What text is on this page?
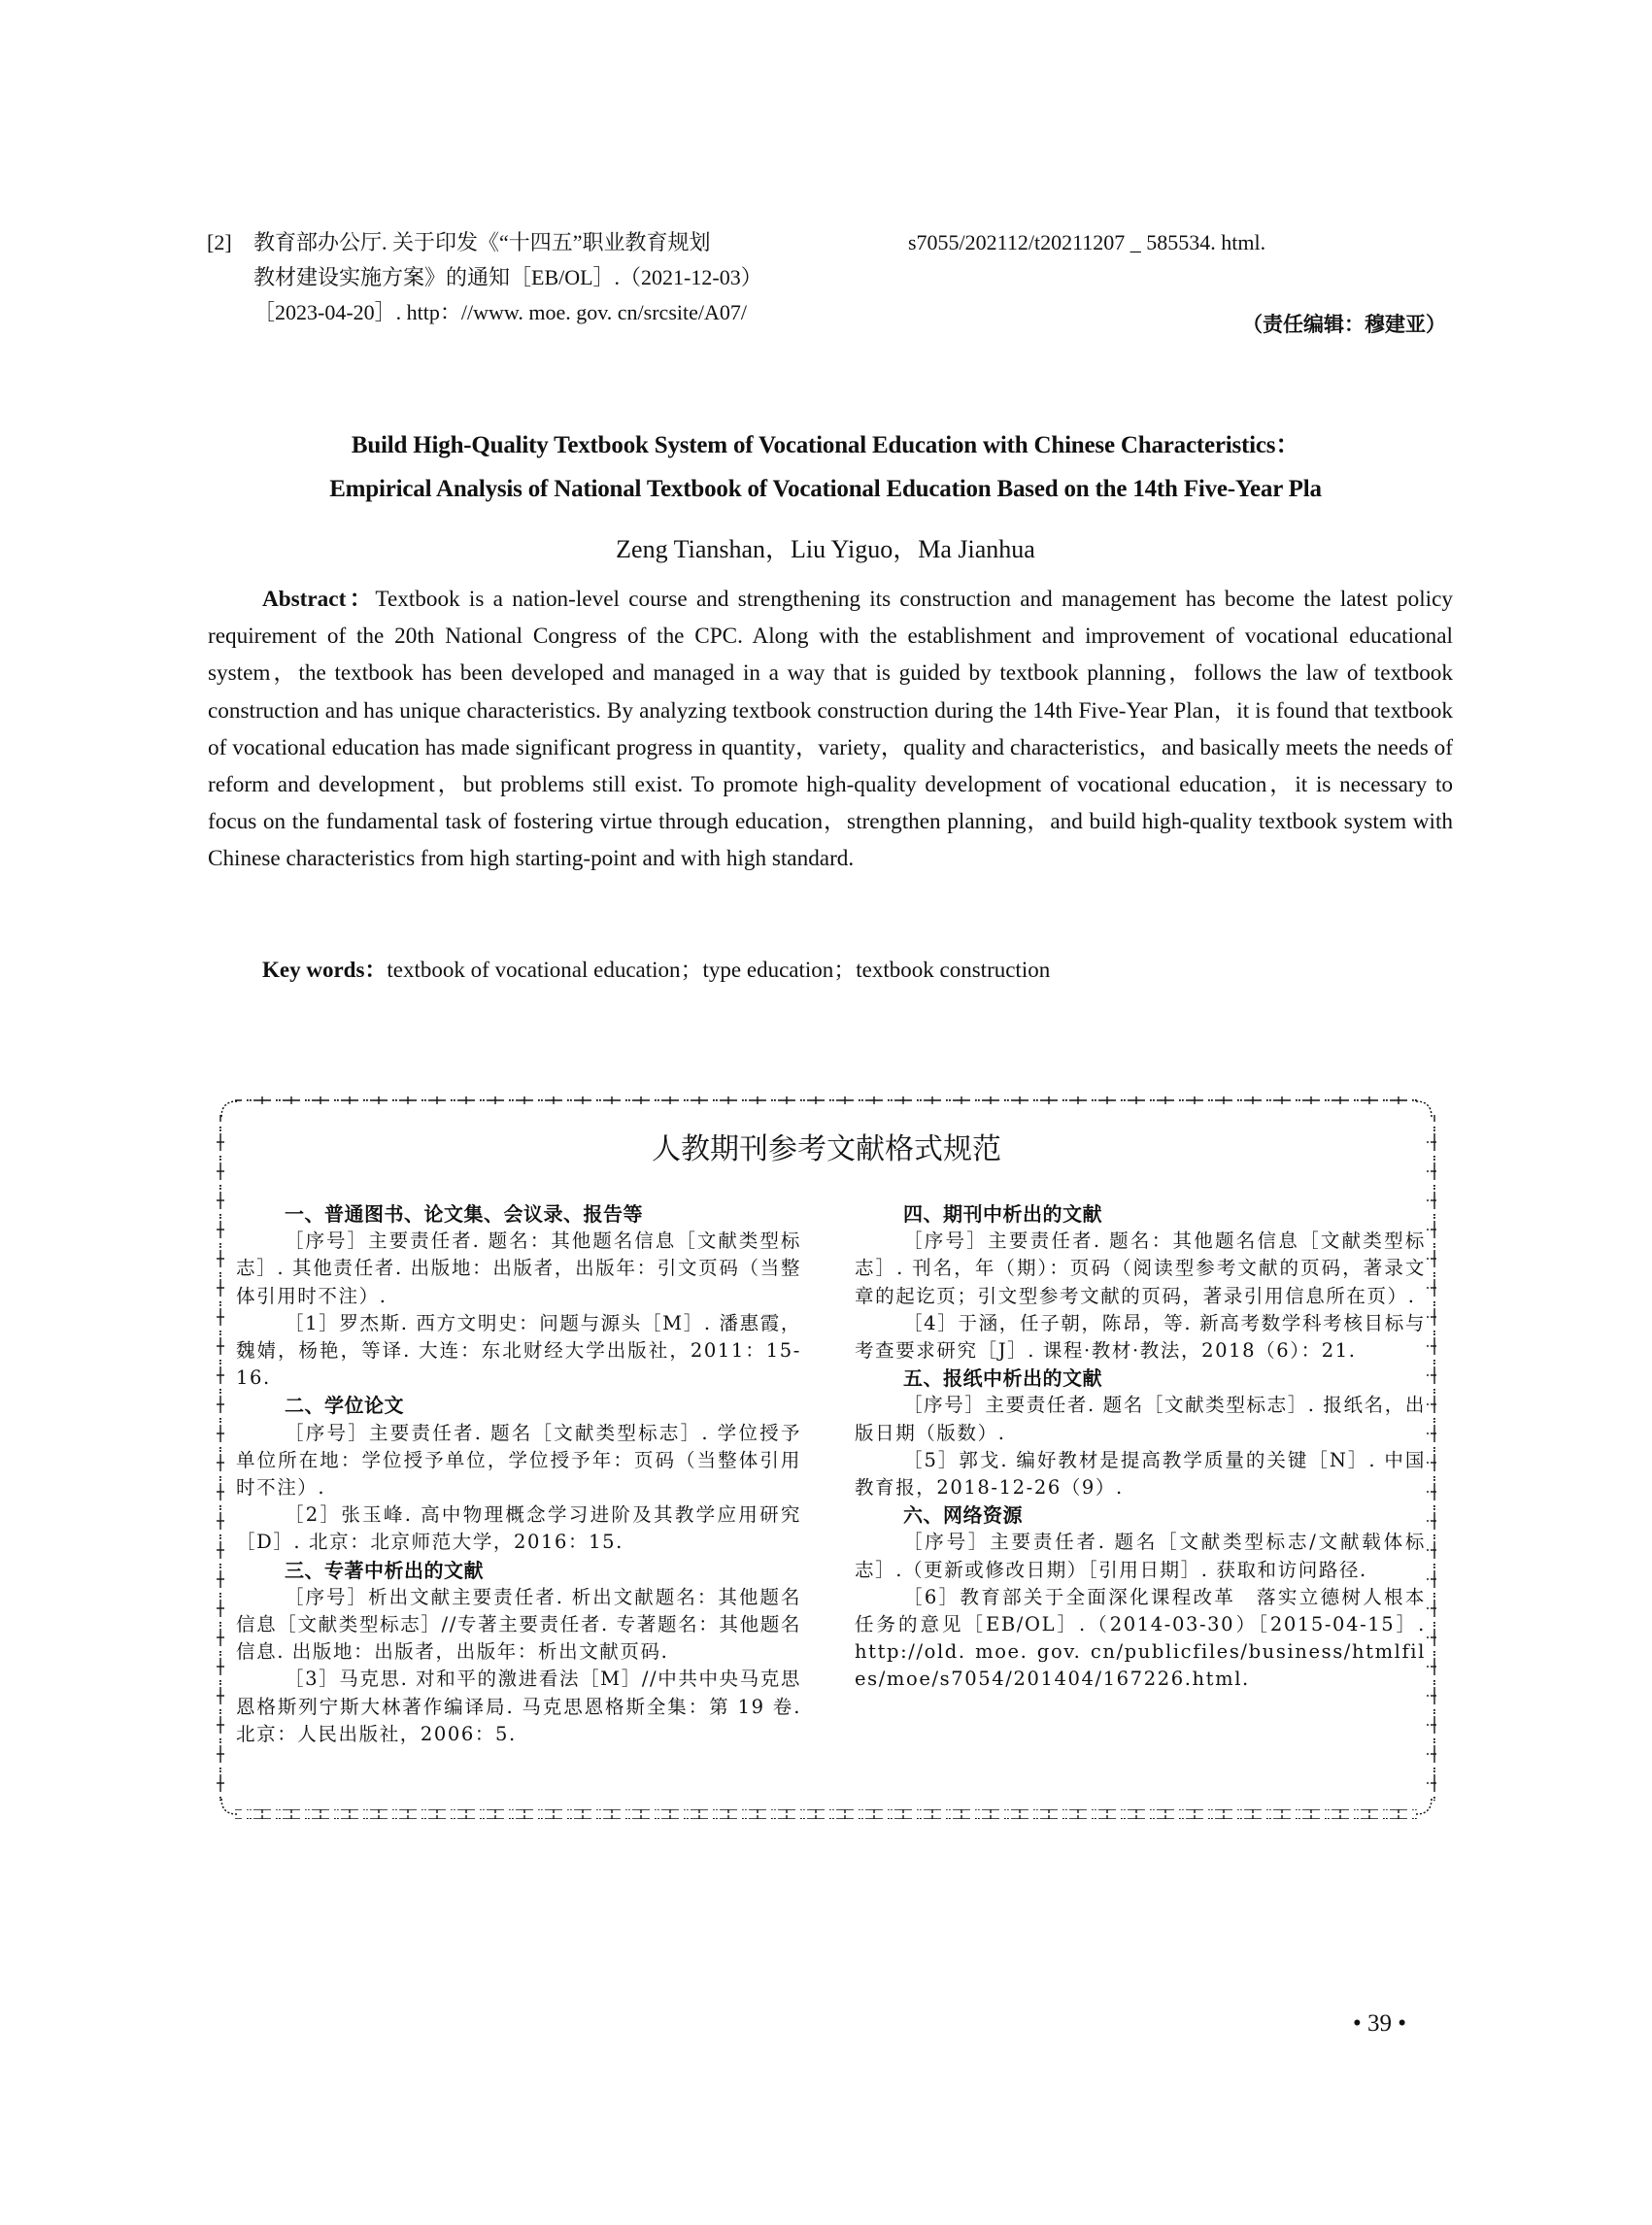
[2] 教育部办公厅. 关于印发《“十四五”职业教育规划
教材建设实施方案》的通知［EB/OL］.（2021-12-03）
［2023-04-20］. http：//www. moe. gov. cn/srcsite/A07/
s7055/202112/t20211207 _ 585534. html.
（责任编辑：穆建亚）
Build High-Quality Textbook System of Vocational Education with Chinese Characteristics：
Empirical Analysis of National Textbook of Vocational Education Based on the 14th Five-Year Pla
Zeng Tianshan，Liu Yiguo，Ma Jianhua
Abstract：Textbook is a nation-level course and strengthening its construction and management has become the latest policy requirement of the 20th National Congress of the CPC. Along with the establishment and improvement of vocational educational system，the textbook has been developed and managed in a way that is guided by textbook planning，follows the law of textbook construction and has unique characteristics. By analyzing textbook construction during the 14th Five-Year Plan，it is found that textbook of vocational education has made significant progress in quantity，variety，quality and characteristics，and basically meets the needs of reform and development，but problems still exist. To promote high-quality development of vocational education，it is necessary to focus on the fundamental task of fostering virtue through education，strengthen planning，and build high-quality textbook system with Chinese characteristics from high starting-point and with high standard.
Key words：textbook of vocational education；type education；textbook construction
人教期刊参考文献格式规范
一、普通图书、论文集、会议录、报告等

［序号］主要责任者. 题名：其他题名信息［文献类型标志］. 其他责任者. 出版地：出版者，出版年：引文页码（当整体引用时不注）.

［1］罗杰斯. 西方文明史：问题与源头［M］. 潘惠霞，魏婧，杨艳，等译. 大连：东北财经大学出版社，2011：15-16.

二、学位论文

［序号］主要责任者. 题名［文献类型标志］. 学位授予单位所在地：学位授予单位，学位授予年：页码（当整体引用时不注）.

［2］张玉峰. 高中物理概念学习进阶及其教学应用研究［D］. 北京：北京师范大学，2016：15.

三、专著中析出的文献

［序号］析出文献主要责任者. 析出文献题名：其他题名信息［文献类型标志］//专著主要责任者. 专著题名：其他题名信息. 出版地：出版者，出版年：析出文献页码.

［3］马克思. 对和平的激进看法［M］//中共中央马克思恩格斯列宁斯大林著作编译局. 马克思恩格斯全集：第 19 卷. 北京：人民出版社，2006：5.

四、期刊中析出的文献

［序号］主要责任者. 题名：其他题名信息［文献类型标志］. 刊名，年（期）：页码（阅读型参考文献的页码，著录文章的起讫页；引文型参考文献的页码，著录引用信息所在页）.

［4］于涵，任子朝，陈昂，等. 新高考数学科考核目标与考查要求研究［J］. 课程·教材·教法，2018（6）：21.

五、报纸中析出的文献

［序号］主要责任者. 题名［文献类型标志］. 报纸名，出版日期（版数）.

［5］郭戈. 编好教材是提高教学质量的关键［N］. 中国教育报，2018-12-26（9）.

六、网络资源

［序号］主要责任者. 题名［文献类型标志/文献载体标志］.（更新或修改日期）［引用日期］. 获取和访问路径.

［6］教育部关于全面深化课程改革　落实立德树人根本任务的意见［EB/OL］.（2014-03-30）［2015-04-15］. http://old. moe. gov. cn/publicfiles/business/htmlfiles/moe/s7054/201404/167226.html.

• 39 •
